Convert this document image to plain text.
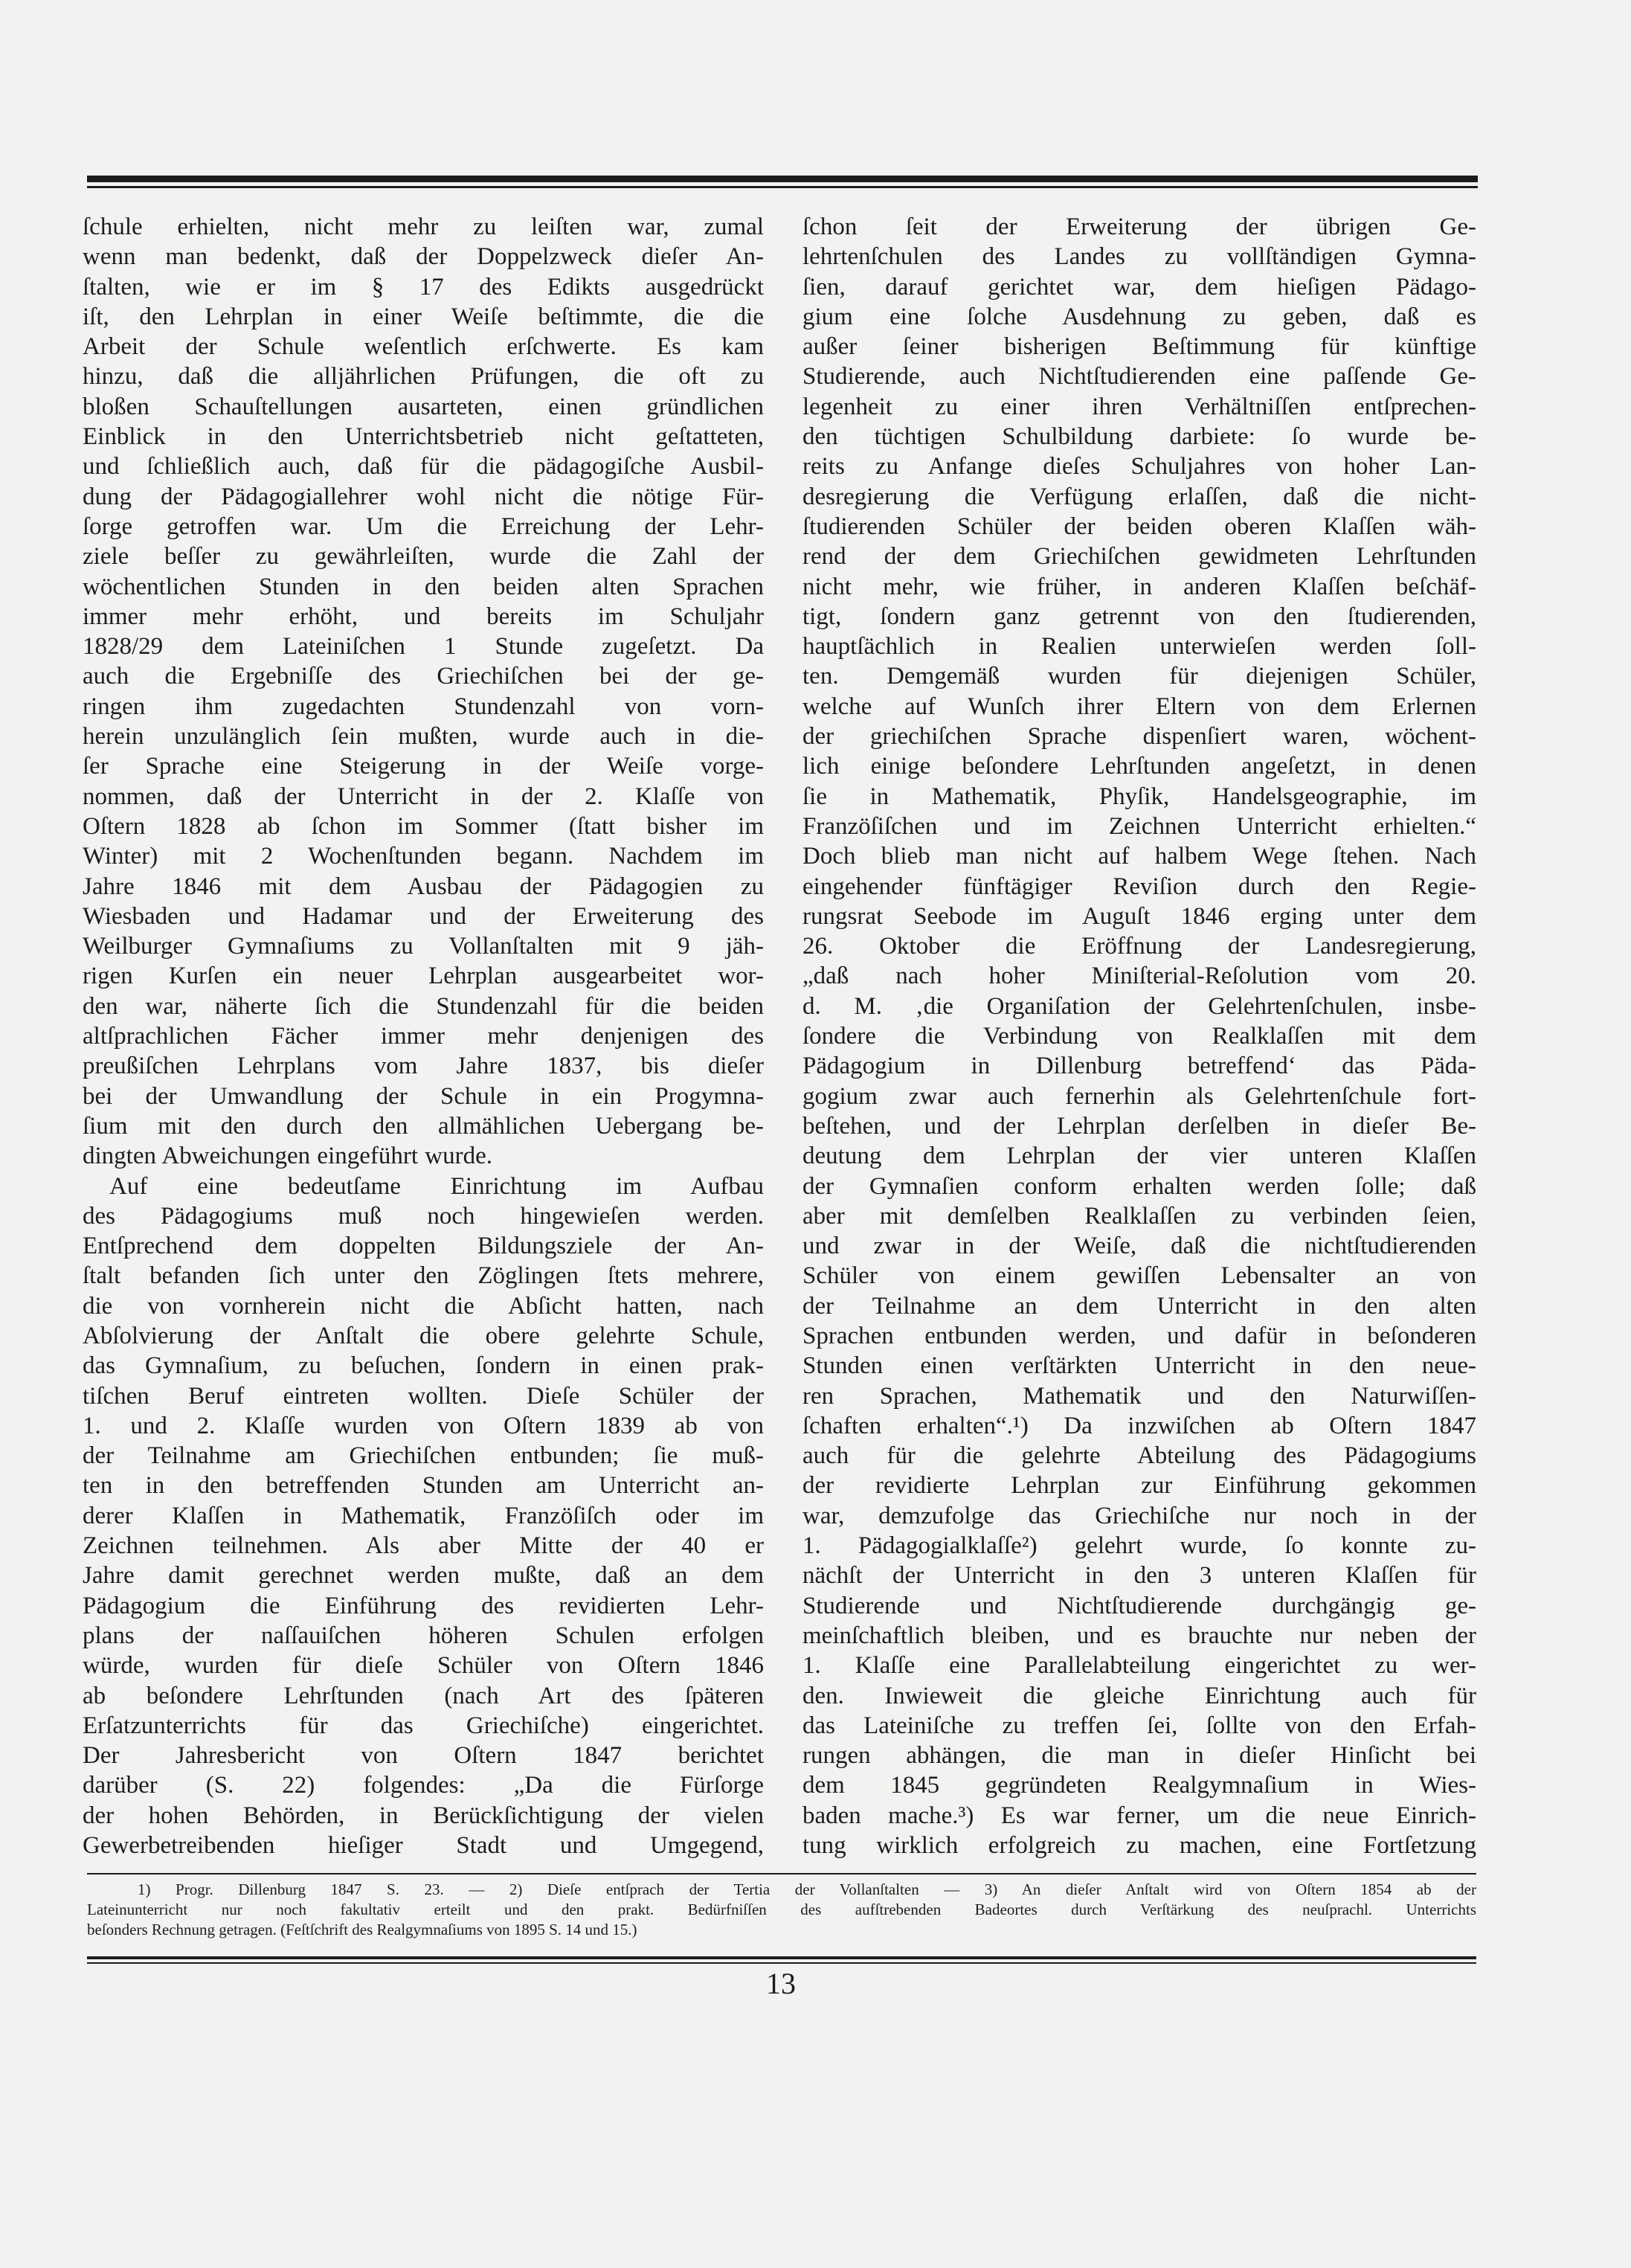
ſchule erhielten, nicht mehr zu leiſten war, zumal
wenn man bedenkt, daß der Doppelzweck dieſer An-
ſtalten, wie er im § 17 des Edikts ausgedrückt
iſt, den Lehrplan in einer Weiſe beſtimmte, die die
Arbeit der Schule weſentlich erſchwerte. Es kam
hinzu, daß die alljährlichen Prüfungen, die oft zu
bloßen Schauſtellungen ausarteten, einen gründlichen
Einblick in den Unterrichtsbetrieb nicht geſtatteten,
und ſchließlich auch, daß für die pädagogiſche Ausbil-
dung der Pädagogiallehrer wohl nicht die nötige Für-
ſorge getroffen war. Um die Erreichung der Lehr-
ziele beſſer zu gewährleiſten, wurde die Zahl der
wöchentlichen Stunden in den beiden alten Sprachen
immer mehr erhöht, und bereits im Schuljahr
1828/29 dem Lateiniſchen 1 Stunde zugeſetzt. Da
auch die Ergebniſſe des Griechiſchen bei der ge-
ringen ihm zugedachten Stundenzahl von vorn-
herein unzulänglich ſein mußten, wurde auch in die-
ſer Sprache eine Steigerung in der Weiſe vorge-
nommen, daß der Unterricht in der 2. Klaſſe von
Oſtern 1828 ab ſchon im Sommer (ſtatt bisher im
Winter) mit 2 Wochenſtunden begann. Nachdem im
Jahre 1846 mit dem Ausbau der Pädagogien zu
Wiesbaden und Hadamar und der Erweiterung des
Weilburger Gymnaſiums zu Vollanſtalten mit 9 jäh-
rigen Kurſen ein neuer Lehrplan ausgearbeitet wor-
den war, näherte ſich die Stundenzahl für die beiden
altſprachlichen Fächer immer mehr denjenigen des
preußiſchen Lehrplans vom Jahre 1837, bis dieſer
bei der Umwandlung der Schule in ein Progymna-
ſium mit den durch den allmählichen Uebergang be-
dingten Abweichungen eingeführt wurde.
Auf eine bedeutſame Einrichtung im Aufbau
des Pädagogiums muß noch hingewieſen werden.
Entſprechend dem doppelten Bildungsziele der An-
ſtalt befanden ſich unter den Zöglingen ſtets mehrere,
die von vornherein nicht die Abſicht hatten, nach
Abſolvierung der Anſtalt die obere gelehrte Schule,
das Gymnaſium, zu beſuchen, ſondern in einen prak-
tiſchen Beruf eintreten wollten. Dieſe Schüler der
1. und 2. Klaſſe wurden von Oſtern 1839 ab von
der Teilnahme am Griechiſchen entbunden; ſie muß-
ten in den betreffenden Stunden am Unterricht an-
derer Klaſſen in Mathematik, Franzöſiſch oder im
Zeichnen teilnehmen. Als aber Mitte der 40 er
Jahre damit gerechnet werden mußte, daß an dem
Pädagogium die Einführung des revidierten Lehr-
plans der naſſauiſchen höheren Schulen erfolgen
würde, wurden für dieſe Schüler von Oſtern 1846
ab beſondere Lehrſtunden (nach Art des ſpäteren
Erſatzunterrichts für das Griechiſche) eingerichtet.
Der Jahresbericht von Oſtern 1847 berichtet
darüber (S. 22) folgendes: „Da die Fürſorge
der hohen Behörden, in Berückſichtigung der vielen
Gewerbetreibenden hieſiger Stadt und Umgegend,
ſchon ſeit der Erweiterung der übrigen Ge-
lehrtenſchulen des Landes zu vollſtändigen Gymna-
ſien, darauf gerichtet war, dem hieſigen Pädago-
gium eine ſolche Ausdehnung zu geben, daß es
außer ſeiner bisherigen Beſtimmung für künftige
Studierende, auch Nichtſtudierenden eine paſſende Ge-
legenheit zu einer ihren Verhältniſſen entſprechen-
den tüchtigen Schulbildung darbiete: ſo wurde be-
reits zu Anfange dieſes Schuljahres von hoher Lan-
desregierung die Verfügung erlaſſen, daß die nicht-
ſtudierenden Schüler der beiden oberen Klaſſen wäh-
rend der dem Griechiſchen gewidmeten Lehrſtunden
nicht mehr, wie früher, in anderen Klaſſen beſchäf-
tigt, ſondern ganz getrennt von den ſtudierenden,
hauptſächlich in Realien unterwieſen werden ſoll-
ten. Demgemäß wurden für diejenigen Schüler,
welche auf Wunſch ihrer Eltern von dem Erlernen
der griechiſchen Sprache dispenſiert waren, wöchent-
lich einige beſondere Lehrſtunden angeſetzt, in denen
ſie in Mathematik, Phyſik, Handelsgeographie, im
Franzöſiſchen und im Zeichnen Unterricht erhielten.“
Doch blieb man nicht auf halbem Wege ſtehen. Nach
eingehender fünftägiger Reviſion durch den Regie-
rungsrat Seebode im Auguſt 1846 erging unter dem
26. Oktober die Eröffnung der Landesregierung,
„daß nach hoher Miniſterial-Reſolution vom 20.
d. M. ‚die Organiſation der Gelehrtenſchulen, insbe-
ſondere die Verbindung von Realklaſſen mit dem
Pädagogium in Dillenburg betreffend‘ das Päda-
gogium zwar auch fernerhin als Gelehrtenſchule fort-
beſtehen, und der Lehrplan derſelben in dieſer Be-
deutung dem Lehrplan der vier unteren Klaſſen
der Gymnaſien conform erhalten werden ſolle; daß
aber mit demſelben Realklaſſen zu verbinden ſeien,
und zwar in der Weiſe, daß die nichtſtudierenden
Schüler von einem gewiſſen Lebensalter an von
der Teilnahme an dem Unterricht in den alten
Sprachen entbunden werden, und dafür in beſonderen
Stunden einen verſtärkten Unterricht in den neue-
ren Sprachen, Mathematik und den Naturwiſſen-
ſchaften erhalten“.¹) Da inzwiſchen ab Oſtern 1847
auch für die gelehrte Abteilung des Pädagogiums
der revidierte Lehrplan zur Einführung gekommen
war, demzufolge das Griechiſche nur noch in der
1. Pädagogialklaſſe²) gelehrt wurde, ſo konnte zu-
nächſt der Unterricht in den 3 unteren Klaſſen für
Studierende und Nichtſtudierende durchgängig ge-
meinſchaftlich bleiben, und es brauchte nur neben der
1. Klaſſe eine Parallelabteilung eingerichtet zu wer-
den. Inwieweit die gleiche Einrichtung auch für
das Lateiniſche zu treffen ſei, ſollte von den Erfah-
rungen abhängen, die man in dieſer Hinſicht bei
dem 1845 gegründeten Realgymnaſium in Wies-
baden mache.³) Es war ferner, um die neue Einrich-
tung wirklich erfolgreich zu machen, eine Fortſetzung
1) Progr. Dillenburg 1847 S. 23. — 2) Dieſe entſprach der Tertia der Vollanſtalten — 3) An dieſer Anſtalt wird von Oſtern 1854 ab der
Lateinunterricht nur noch fakultativ erteilt und den prakt. Bedürfniſſen des aufſtrebenden Badeortes durch Verſtärkung des neuſprachl. Unterrichts
beſonders Rechnung getragen. (Feſtſchrift des Realgymnaſiums von 1895 S. 14 und 15.)
13
